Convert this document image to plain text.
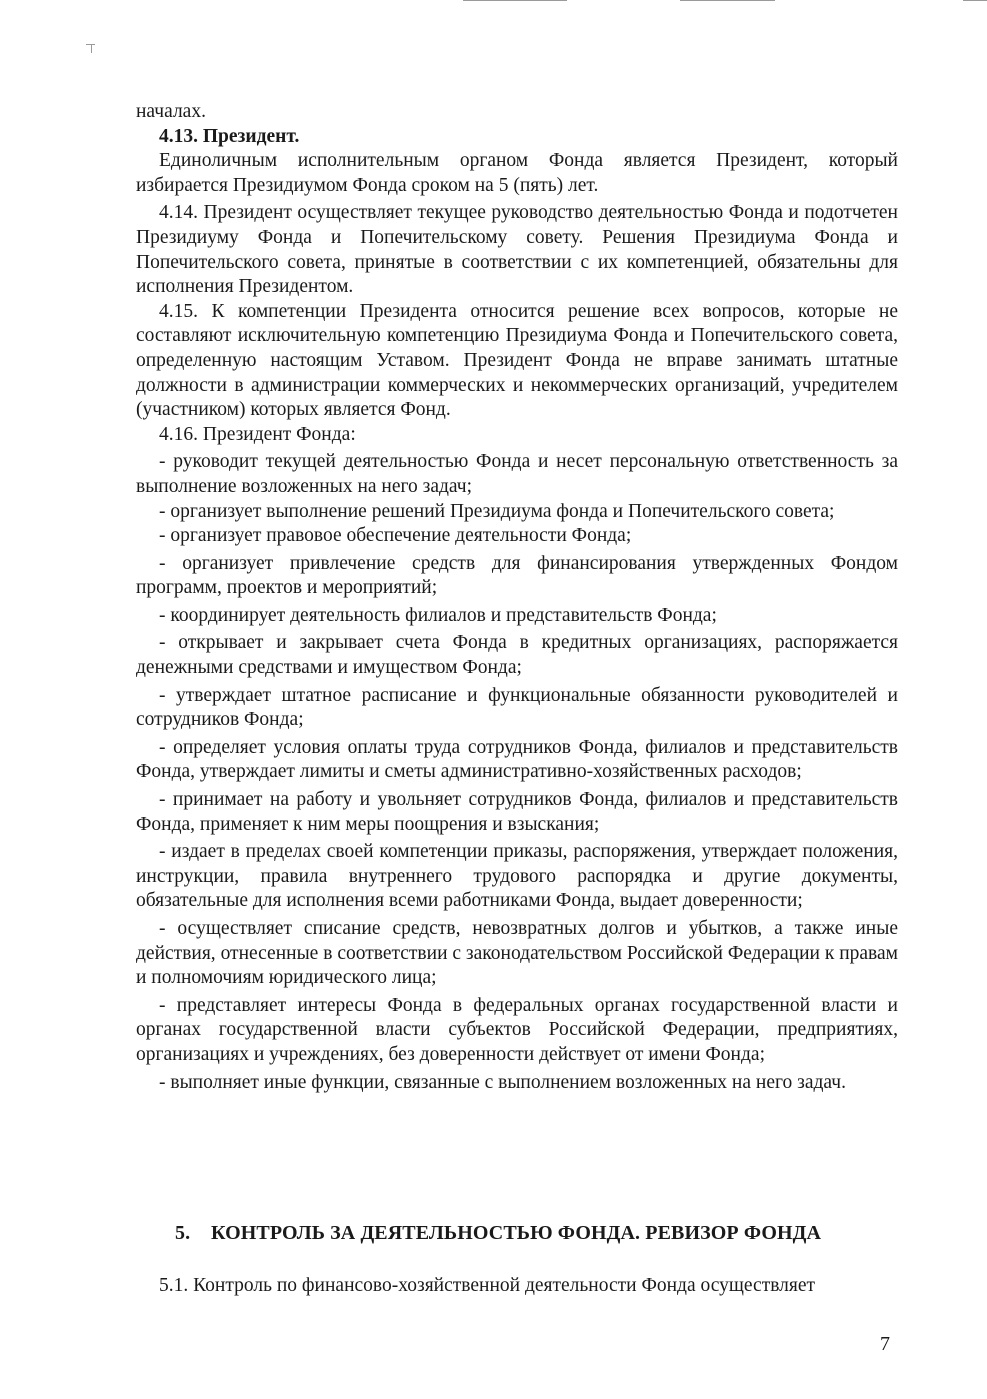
началах.

4.13. Президент.

Единоличным исполнительным органом Фонда является Президент, который избирается Президиумом Фонда сроком на 5 (пять) лет.

4.14. Президент осуществляет текущее руководство деятельностью Фонда и подотчетен Президиуму Фонда и Попечительскому совету. Решения Президиума Фонда и Попечительского совета, принятые в соответствии с их компетенцией, обязательны для исполнения Президентом.

4.15. К компетенции Президента относится решение всех вопросов, которые не составляют исключительную компетенцию Президиума Фонда и Попечительского совета, определенную настоящим Уставом. Президент Фонда не вправе занимать штатные должности в администрации коммерческих и некоммерческих организаций, учредителем (участником) которых является Фонд.

4.16. Президент Фонда:

- руководит текущей деятельностью Фонда и несет персональную ответственность за выполнение возложенных на него задач;

- организует выполнение решений Президиума фонда и Попечительского совета;

- организует правовое обеспечение деятельности Фонда;

- организует привлечение средств для финансирования утвержденных Фондом программ, проектов и мероприятий;

- координирует деятельность филиалов и представительств Фонда;

- открывает и закрывает счета Фонда в кредитных организациях, распоряжается денежными средствами и имуществом Фонда;

- утверждает штатное расписание и функциональные обязанности руководителей и сотрудников Фонда;

- определяет условия оплаты труда сотрудников Фонда, филиалов и представительств Фонда, утверждает лимиты и сметы административно-хозяйственных расходов;

- принимает на работу и увольняет сотрудников Фонда, филиалов и представительств Фонда, применяет к ним меры поощрения и взыскания;

- издает в пределах своей компетенции приказы, распоряжения, утверждает положения, инструкции, правила внутреннего трудового распорядка и другие документы, обязательные для исполнения всеми работниками Фонда, выдает доверенности;

- осуществляет списание средств, невозвратных долгов и убытков, а также иные действия, отнесенные в соответствии с законодательством Российской Федерации к правам и полномочиям юридического лица;

- представляет интересы Фонда в федеральных органах государственной власти и органах государственной власти субъектов Российской Федерации, предприятиях, организациях и учреждениях, без доверенности действует от имени Фонда;

- выполняет иные функции, связанные с выполнением возложенных на него задач.

5. КОНТРОЛЬ ЗА ДЕЯТЕЛЬНОСТЬЮ ФОНДА. РЕВИЗОР ФОНДА

5.1. Контроль по финансово-хозяйственной деятельности Фонда осуществляет

7
